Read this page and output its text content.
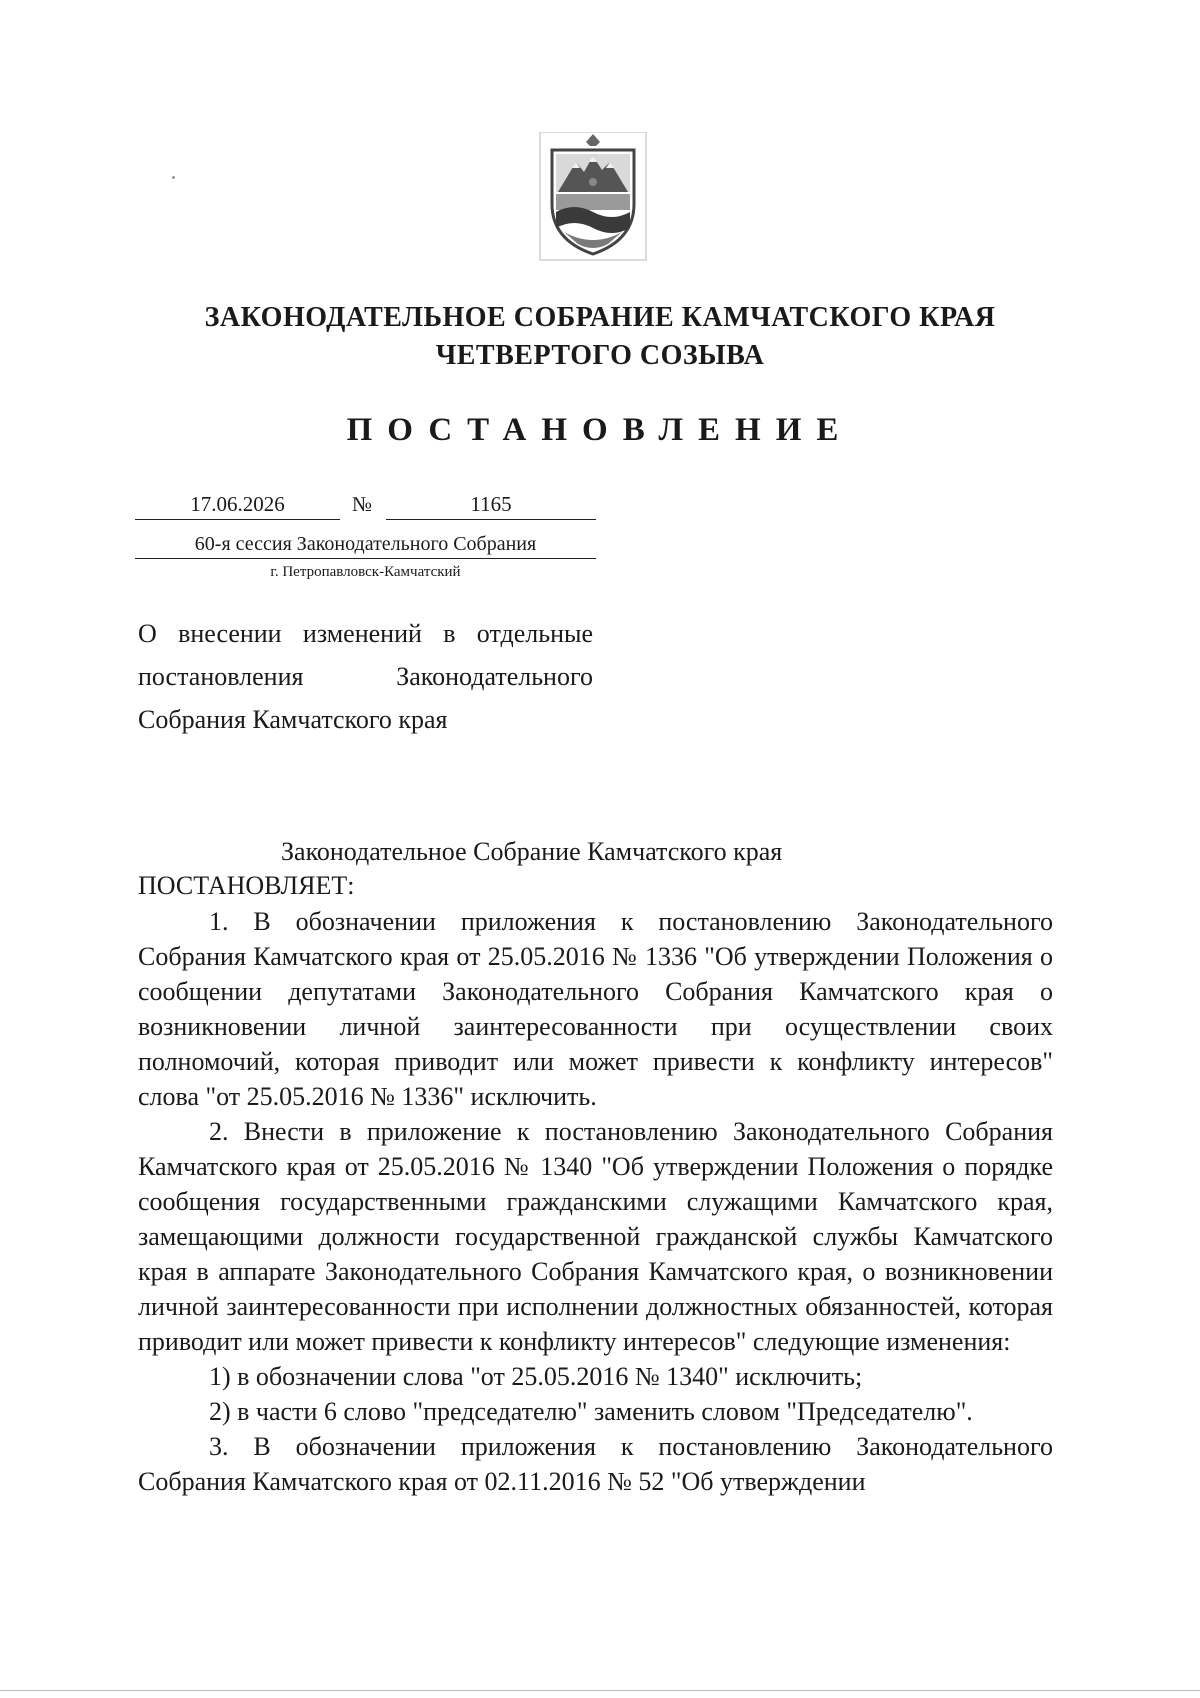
ЗАКОНОДАТЕЛЬНОЕ СОБРАНИЕ КАМЧАТСКОГО КРАЯ
ЧЕТВЕРТОГО СОЗЫВА
ПОСТАНОВЛЕНИЕ
17.06.2026	№	1165
60-я сессия Законодательного Собрания
г. Петропавловск-Камчатский
О внесении изменений в отдельные
постановления Законодательного
Собрания Камчатского края
Законодательное Собрание Камчатского края
ПОСТАНОВЛЯЕТ:

1. В обозначении приложения к постановлению Законодательного Собрания Камчатского края от 25.05.2016 № 1336 "Об утверждении Положения о сообщении депутатами Законодательного Собрания Камчатского края о возникновении личной заинтересованности при осуществлении своих полномочий, которая приводит или может привести к конфликту интересов" слова "от 25.05.2016 № 1336" исключить.

2. Внести в приложение к постановлению Законодательного Собрания Камчатского края от 25.05.2016 № 1340 "Об утверждении Положения о порядке сообщения государственными гражданскими служащими Камчатского края, замещающими должности государственной гражданской службы Камчатского края в аппарате Законодательного Собрания Камчатского края, о возникновении личной заинтересованности при исполнении должностных обязанностей, которая приводит или может привести к конфликту интересов" следующие изменения:

1) в обозначении слова "от 25.05.2016 № 1340" исключить;

2) в части 6 слово "председателю" заменить словом "Председателю".

3. В обозначении приложения к постановлению Законодательного Собрания Камчатского края от 02.11.2016 № 52 "Об утверждении
